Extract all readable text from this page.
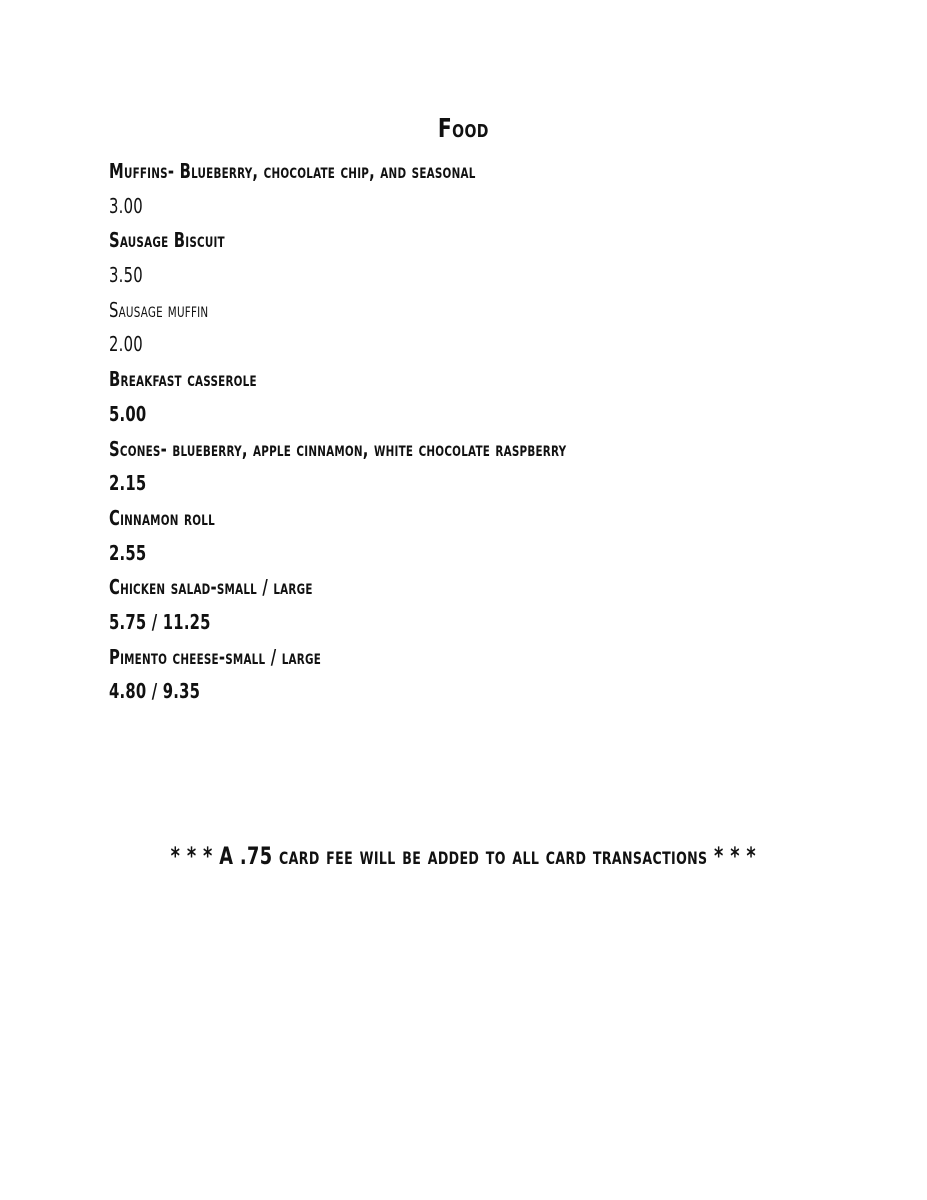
Food
Muffins- Blueberry, chocolate chip, and seasonal
3.00
Sausage Biscuit
3.50
Sausage muffin
2.00
Breakfast casserole
5.00
Scones- blueberry, apple cinnamon, white chocolate raspberry
2.15
Cinnamon roll
2.55
Chicken salad-small / large
5.75 / 11.25
Pimento cheese-small / large
4.80 / 9.35
* * * A .75 card fee will be added to all card transactions * * *
